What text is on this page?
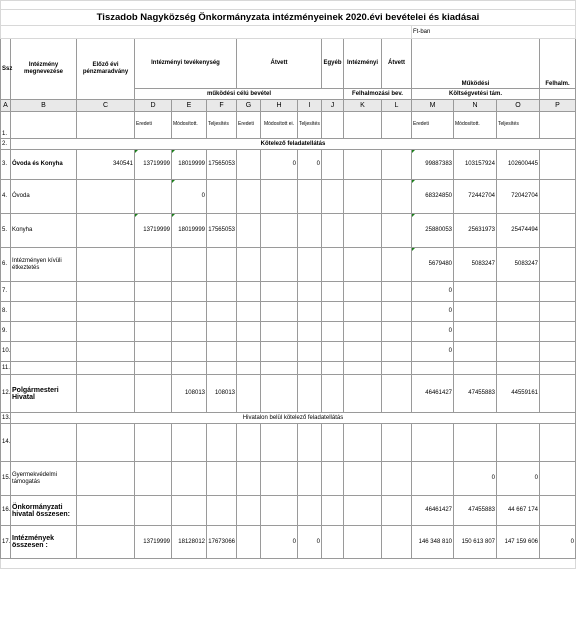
Tiszadob Nagyközség Önkormányzata intézményeinek 2020.évi bevételei és kiadásai															
												Ft-ban			
Ssz	Intézmény megnevezése	Előző évi pénzmaradvány	Intézményi tevékenység			Átvett			Egyéb	Intézményi	Átvett	Működési			Felhalm.
			működési célú bevétel							Felhalmozási bev.		Költségvetési tám.			
A	B	C	D	E	F	G	H	I	J	K	L	M	N	O	P
1.			Eredeti	Módosított.	Teljesítés	Eredeti	Módosított ei.	Teljesítés				Eredeti	Módosított.	Teljesítés	
2.	Kötelező feladatellátás														
3.	Óvoda és Konyha	340541	13719999	18019999	17565053		0	0				99887383	103157924	102600445	
4.	Óvoda			0								68324850	72442704	72042704	
5.	Konyha		13719999	18019999	17565053							25880053	25631973	25474494	
6.	Intézményen kívüli étkeztetés											5679480	5083247	5083247	
7.												0			
8.												0			
9.												0			
10.												0			
11.															
12.	Polgármesteri Hivatal			108013	108013							46461427	47455883	44559161	
13.	Hivatalon belül kötelező feladatellátás														
14.															
15.	Gyermekvédelmi támogatás												0	0	
16.	Önkormányzati hivatal összesen:											46461427	47455883	44 667 174	
17.	Intézmények összesen :		13719999	18128012	17673066		0	0				146 348 810	150 613 807	147 159 606	0
